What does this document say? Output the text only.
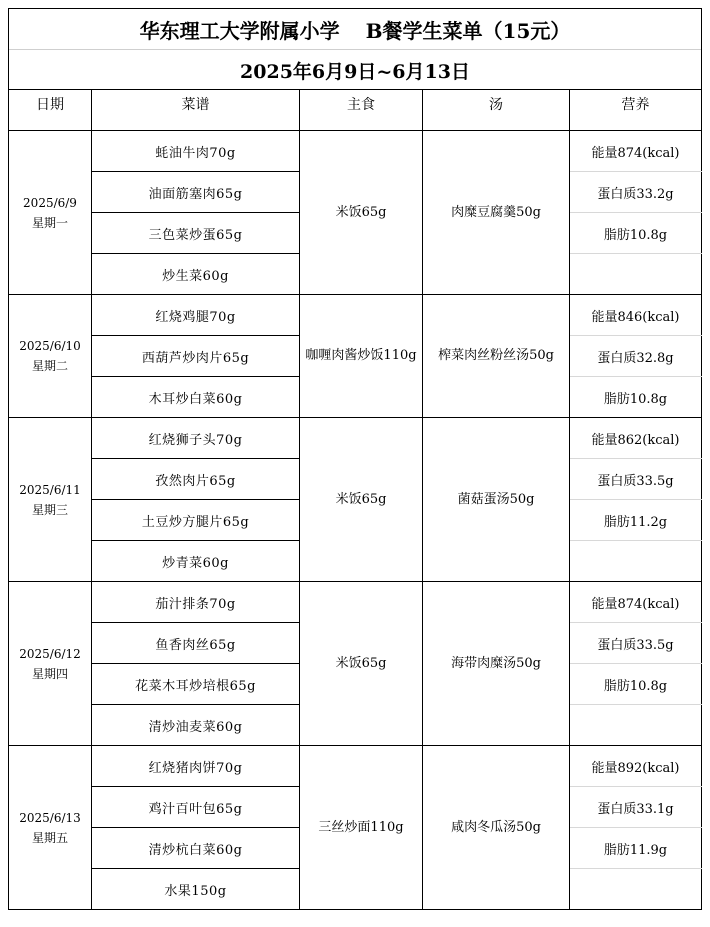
华东理工大学附属小学 B餐学生菜单（15元）
2025年6月9日~6月13日
日期	菜谱	主食	汤	营养
2025/6/9
星期一	蚝油牛肉70g	米饭65g	肉糜豆腐羹50g	能量874(kcal)
	油面筋塞肉65g			蛋白质33.2g
	三色菜炒蛋65g			脂肪10.8g
	炒生菜60g			
2025/6/10
星期二	红烧鸡腿70g	咖喱肉酱炒饭110g	榨菜肉丝粉丝汤50g	能量846(kcal)
	西葫芦炒肉片65g			蛋白质32.8g
	木耳炒白菜60g			脂肪10.8g
2025/6/11
星期三	红烧狮子头70g	米饭65g	菌菇蛋汤50g	能量862(kcal)
	孜然肉片65g			蛋白质33.5g
	土豆炒方腿片65g			脂肪11.2g
	炒青菜60g			
2025/6/12
星期四	茄汁排条70g	米饭65g	海带肉糜汤50g	能量874(kcal)
	鱼香肉丝65g			蛋白质33.5g
	花菜木耳炒培根65g			脂肪10.8g
	清炒油麦菜60g			
2025/6/13
星期五	红烧猪肉饼70g	三丝炒面110g	咸肉冬瓜汤50g	能量892(kcal)
	鸡汁百叶包65g			蛋白质33.1g
	清炒杭白菜60g			脂肪11.9g
	水果150g			
